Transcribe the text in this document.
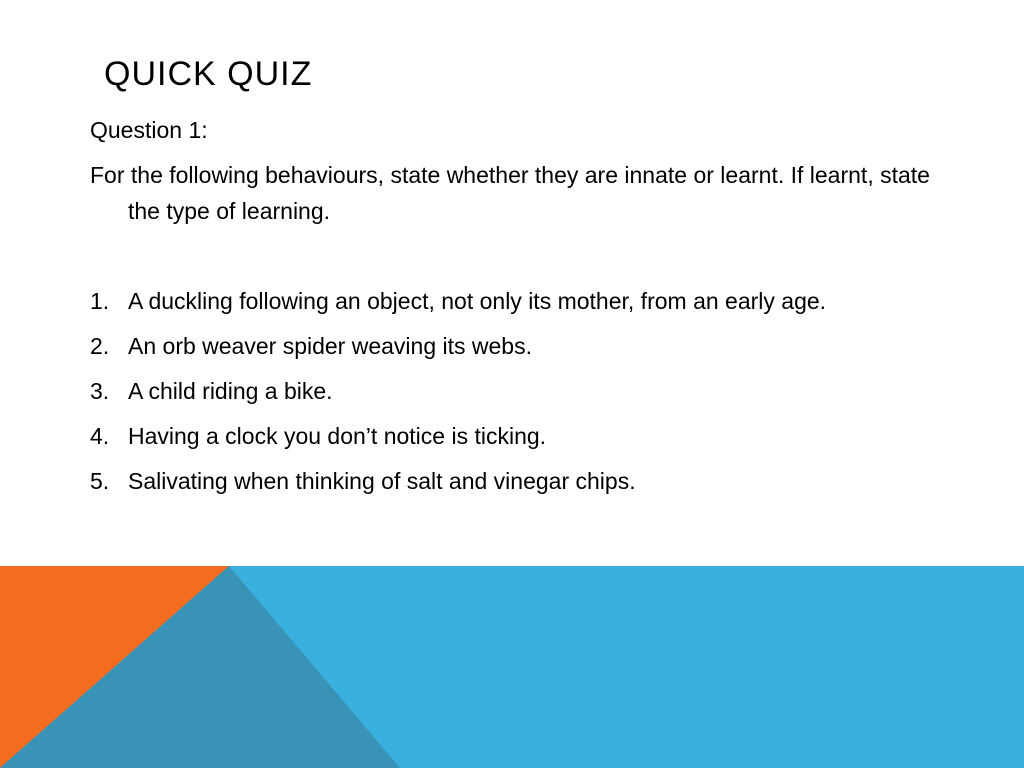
QUICK QUIZ

Question 1:

For the following behaviours, state whether they are innate or learnt. If learnt, state the type of learning.

1. A duckling following an object, not only its mother, from an early age.
2. An orb weaver spider weaving its webs.
3. A child riding a bike.
4. Having a clock you don’t notice is ticking.
5. Salivating when thinking of salt and vinegar chips.
